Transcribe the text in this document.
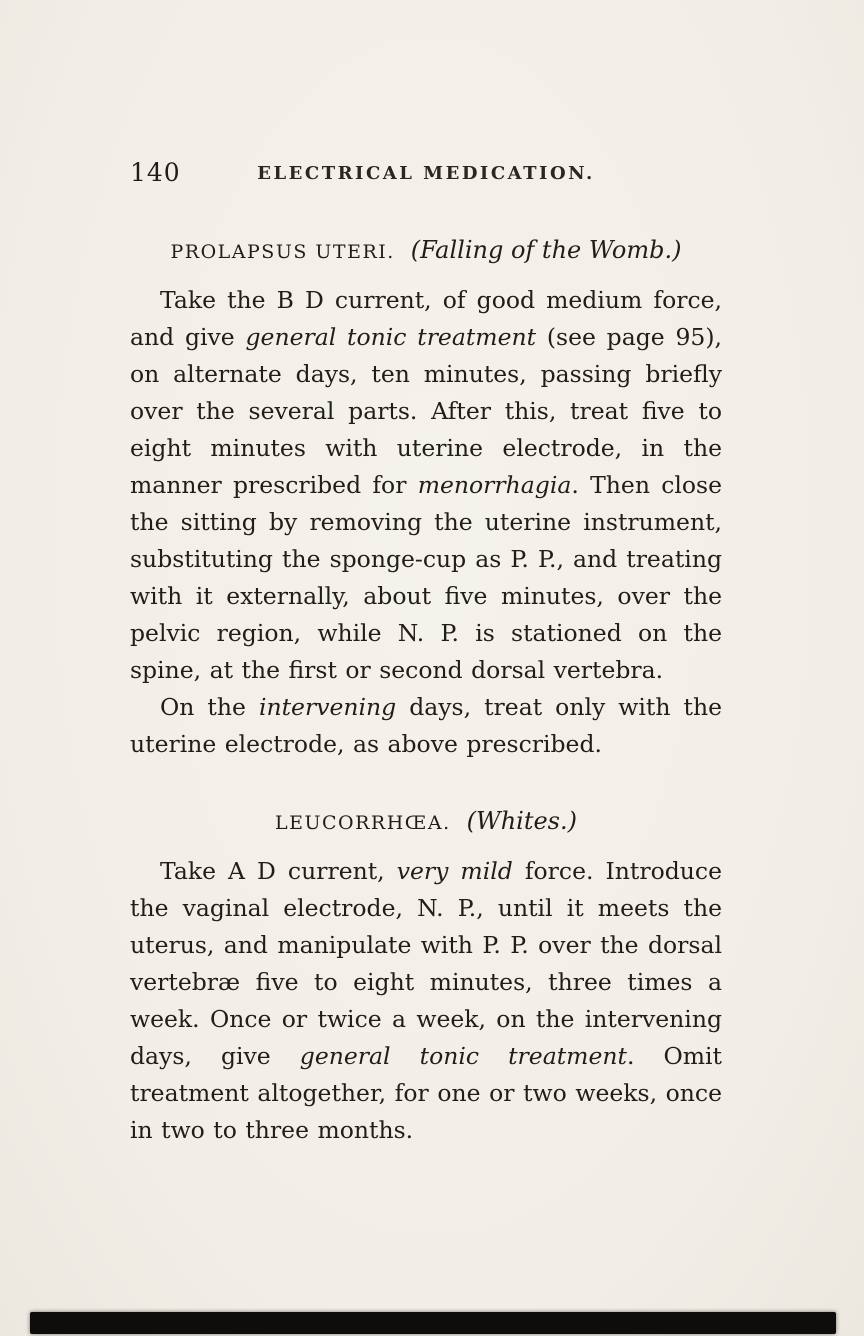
140	ELECTRICAL MEDICATION.
PROLAPSUS UTERI. (Falling of the Womb.)

Take the B D current, of good medium force, and give general tonic treatment (see page 95), on alternate days, ten minutes, passing briefly over the several parts. After this, treat five to eight minutes with uterine electrode, in the manner prescribed for menorrhagia. Then close the sitting by removing the uterine instrument, substituting the sponge-cup as P. P., and treating with it externally, about five minutes, over the pelvic region, while N. P. is stationed on the spine, at the first or second dorsal vertebra.

On the intervening days, treat only with the uterine electrode, as above prescribed.

LEUCORRHŒA. (Whites.)

Take A D current, very mild force. Introduce the vaginal electrode, N. P., until it meets the uterus, and manipulate with P. P. over the dorsal vertebræ five to eight minutes, three times a week. Once or twice a week, on the intervening days, give general tonic treatment. Omit treatment altogether, for one or two weeks, once in two to three months.
